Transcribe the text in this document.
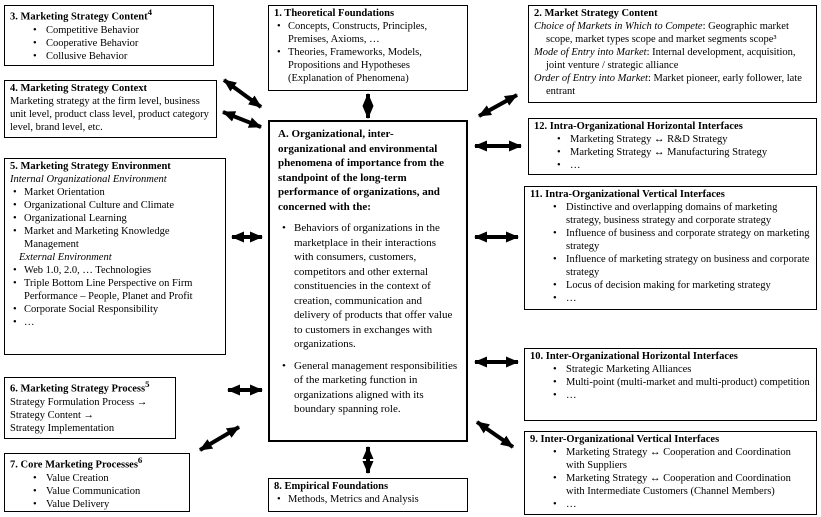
3. Marketing Strategy Content$^4$
• Competitive Behavior
• Cooperative Behavior
• Collusive Behavior
4. Marketing Strategy Context
Marketing strategy at the firm level, business unit level, product class level, product category level, brand level, etc.
5. Marketing Strategy Environment
Internal Organizational Environment
• Market Orientation
• Organizational Culture and Climate
• Organizational Learning
• Market and Marketing Knowledge Management
External Environment
• Web 1.0, 2.0, … Technologies
• Triple Bottom Line Perspective on Firm Performance – People, Planet and Profit
• Corporate Social Responsibility
• …
6. Marketing Strategy Process$^5$
Strategy Formulation Process →
Strategy Content →
Strategy Implementation
7. Core Marketing Processes$^6$
• Value Creation
• Value Communication
• Value Delivery
1. Theoretical Foundations
• Concepts, Constructs, Principles, Premises, Axioms, …
• Theories, Frameworks, Models, Propositions and Hypotheses (Explanation of Phenomena)
A. Organizational, inter-organizational and environmental phenomena of importance from the standpoint of the long-term performance of organizations, and concerned with the:
• Behaviors of organizations in the marketplace in their interactions with consumers, customers, competitors and other external constituencies in the context of creation, communication and delivery of products that offer value to customers in exchanges with organizations.
• General management responsibilities of the marketing function in organizations aligned with its boundary spanning role.
8. Empirical Foundations
• Methods, Metrics and Analysis
2. Market Strategy Content
Choice of Markets in Which to Compete: Geographic market scope, market types scope and market segments scope³
Mode of Entry into Market: Internal development, acquisition, joint venture / strategic alliance
Order of Entry into Market: Market pioneer, early follower, late entrant
12. Intra-Organizational Horizontal Interfaces
• Marketing Strategy ↔ R&D Strategy
• Marketing Strategy ↔ Manufacturing Strategy
• …
11. Intra-Organizational Vertical Interfaces
• Distinctive and overlapping domains of marketing strategy, business strategy and corporate strategy
• Influence of business and corporate strategy on marketing strategy
• Influence of marketing strategy on business and corporate strategy
• Locus of decision making for marketing strategy
• …
10. Inter-Organizational Horizontal Interfaces
• Strategic Marketing Alliances
• Multi-point (multi-market and multi-product) competition
• …
9. Inter-Organizational Vertical Interfaces
• Marketing Strategy ↔ Cooperation and Coordination with Suppliers
• Marketing Strategy ↔ Cooperation and Coordination with Intermediate Customers (Channel Members)
• …
